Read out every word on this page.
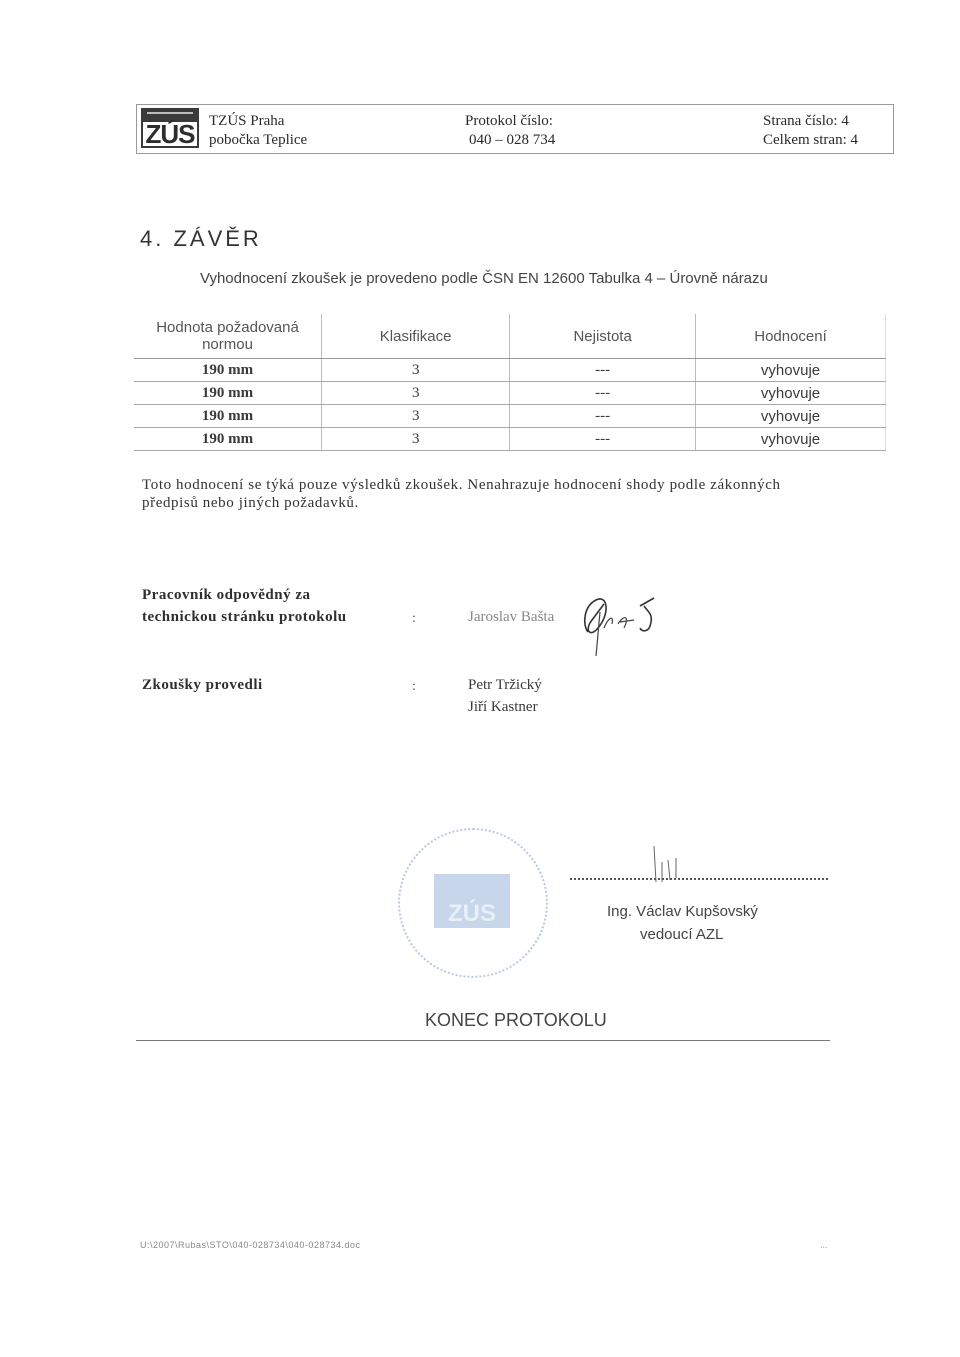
ZÚS TZÚS Praha
pobočka Teplice
Protokol číslo:
040 – 028 734
Strana číslo: 4
Celkem stran: 4
4. ZÁVĚR
Vyhodnocení zkoušek je provedeno podle ČSN EN 12600 Tabulka 4 – Úrovně nárazu
Hodnota požadovaná normou	Klasifikace	Nejistota	Hodnocení
190 mm	3	---	vyhovuje
190 mm	3	---	vyhovuje
190 mm	3	---	vyhovuje
190 mm	3	---	vyhovuje
Toto hodnocení se týká pouze výsledků zkoušek. Nenahrazuje hodnocení shody podle zákonných
předpisů nebo jiných požadavků.
Pracovník odpovědný za
technickou stránku protokolu	:	Jaroslav Bašta
Zkoušky provedli	:	Petr Tržický
Jiří Kastner
ZÚS	Ing. Václav Kupšovský
vedoucí AZL
KONEC PROTOKOLU
U:\2007\Rubas\STO\040-028734\040-028734.doc	...
